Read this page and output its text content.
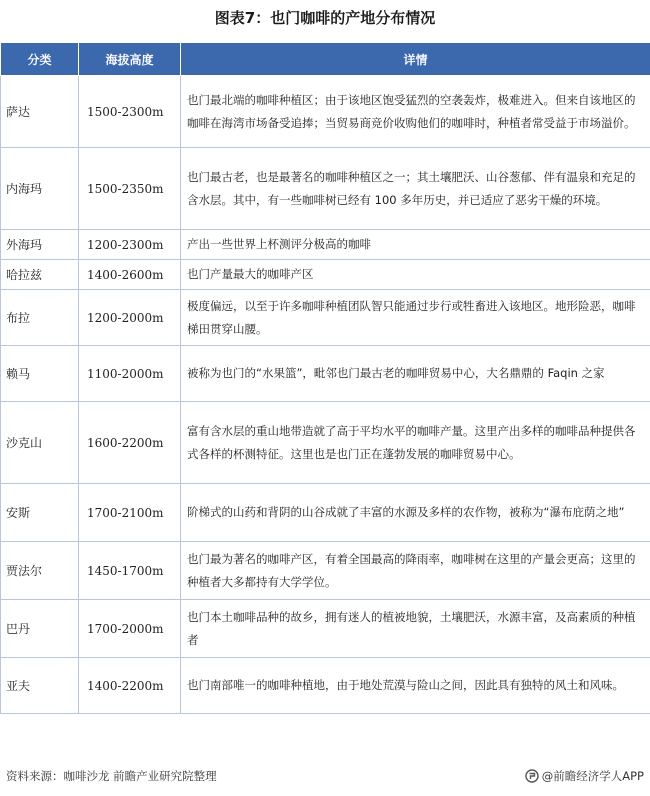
图表7：也门咖啡的产地分布情况
分类	海拔高度	详情
萨达	1500-2300m	也门最北端的咖啡种植区；由于该地区饱受猛烈的空袭轰炸，极难进入。但来自该地区的咖啡在海湾市场备受追捧；当贸易商竞价收购他们的咖啡时，种植者常受益于市场溢价。
内海玛	1500-2350m	也门最古老，也是最著名的咖啡种植区之一；其土壤肥沃、山谷葱郁、伴有温泉和充足的含水层。其中，有一些咖啡树已经有 100 多年历史，并已适应了恶劣干燥的环境。
外海玛	1200-2300m	产出一些世界上杯测评分极高的咖啡
哈拉兹	1400-2600m	也门产量最大的咖啡产区
布拉	1200-2000m	极度偏远，以至于许多咖啡种植团队智只能通过步行或牲畜进入该地区。地形险恶，咖啡梯田贯穿山腰。
赖马	1100-2000m	被称为也门的“水果篮”，毗邻也门最古老的咖啡贸易中心，大名鼎鼎的 Faqin 之家
沙克山	1600-2200m	富有含水层的重山地带造就了高于平均水平的咖啡产量。这里产出多样的咖啡品种提供各式各样的杯测特征。这里也是也门正在蓬勃发展的咖啡贸易中心。
安斯	1700-2100m	阶梯式的山药和背阴的山谷成就了丰富的水源及多样的农作物，被称为“瀑布庇荫之地”
贾法尔	1450-1700m	也门最为著名的咖啡产区，有着全国最高的降雨率，咖啡树在这里的产量会更高；这里的种植者大多都持有大学学位。
巴丹	1700-2000m	也门本土咖啡品种的故乡，拥有迷人的植被地貌，土壤肥沃，水源丰富，及高素质的种植者
亚夫	1400-2200m	也门南部唯一的咖啡种植地，由于地处荒漠与险山之间，因此具有独特的风土和风味。
资料来源：咖啡沙龙 前瞻产业研究院整理	@前瞻经济学人APP
